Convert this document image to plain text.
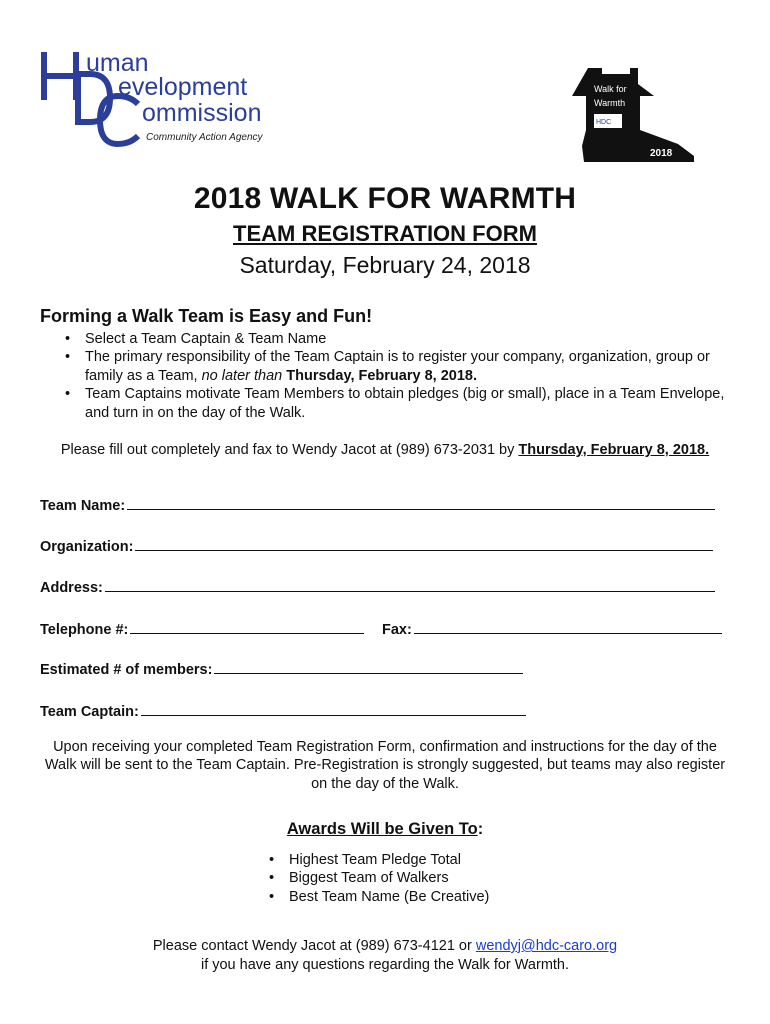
uman
evelopment
ommission
Community Action Agency
Walk for
Warmth
HDC
2018
2018 WALK FOR WARMTH
TEAM REGISTRATION FORM
Saturday, February 24, 2018
Forming a Walk Team is Easy and Fun!
• Select a Team Captain & Team Name
• The primary responsibility of the Team Captain is to register your company, organization, group or family as a Team, no later than Thursday, February 8, 2018.
• Team Captains motivate Team Members to obtain pledges (big or small), place in a Team Envelope, and turn in on the day of the Walk.
Please fill out completely and fax to Wendy Jacot at (989) 673-2031 by Thursday, February 8, 2018.
Team Name:
Organization:
Address:
Telephone #:	Fax:
Estimated # of members:
Team Captain:
Upon receiving your completed Team Registration Form, confirmation and instructions for the day of the Walk will be sent to the Team Captain. Pre-Registration is strongly suggested, but teams may also register on the day of the Walk.
Awards Will be Given To:
• Highest Team Pledge Total
• Biggest Team of Walkers
• Best Team Name (Be Creative)
Please contact Wendy Jacot at (989) 673-4121 or wendyj@hdc-caro.org
if you have any questions regarding the Walk for Warmth.
